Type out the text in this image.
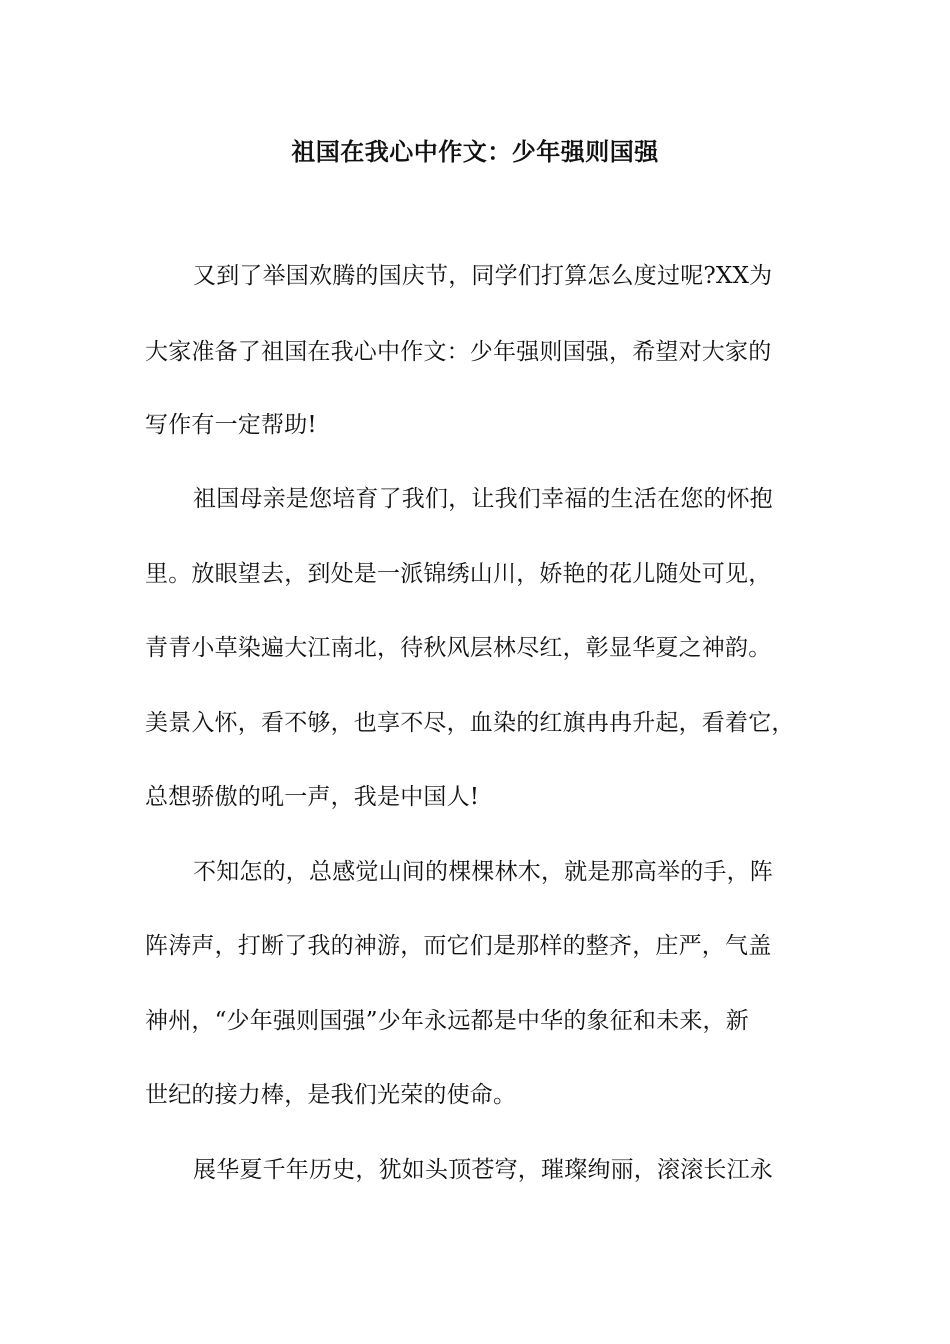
祖国在我心中作文：少年强则国强
又到了举国欢腾的国庆节，同学们打算怎么度过呢?XX为
大家准备了祖国在我心中作文：少年强则国强，希望对大家的
写作有一定帮助!
祖国母亲是您培育了我们，让我们幸福的生活在您的怀抱
里。放眼望去，到处是一派锦绣山川，娇艳的花儿随处可见，
青青小草染遍大江南北，待秋风层林尽红，彰显华夏之神韵。
美景入怀，看不够，也享不尽，血染的红旗冉冉升起，看着它，
总想骄傲的吼一声，我是中国人!
不知怎的，总感觉山间的棵棵林木，就是那高举的手，阵
阵涛声，打断了我的神游，而它们是那样的整齐，庄严，气盖
神州，“少年强则国强”少年永远都是中华的象征和未来，新
世纪的接力棒，是我们光荣的使命。
展华夏千年历史，犹如头顶苍穹，璀璨绚丽，滚滚长江永
